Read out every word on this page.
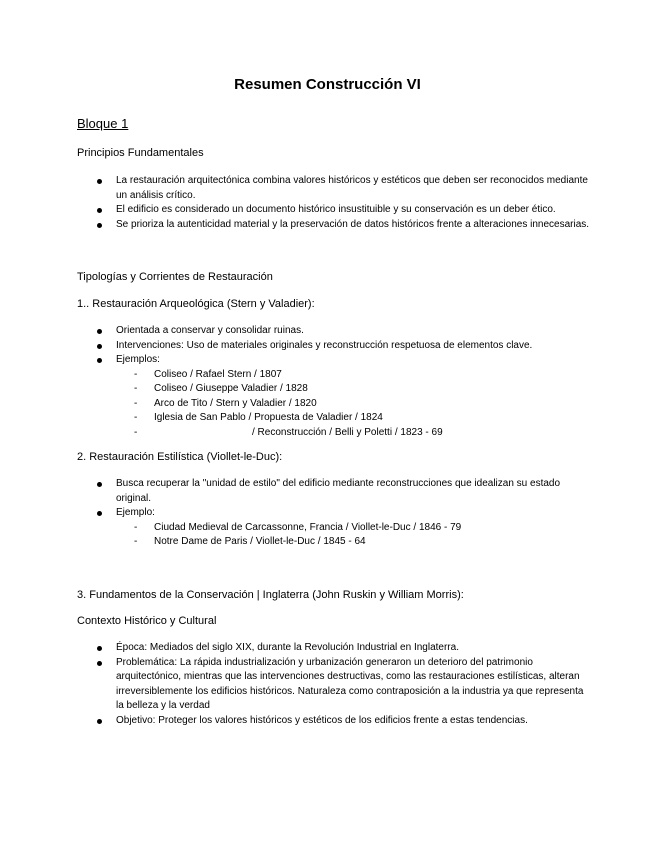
Resumen Construcción VI

Bloque 1

Principios Fundamentales

La restauración arquitectónica combina valores históricos y estéticos que deben ser reconocidos mediante un análisis crítico.
El edificio es considerado un documento histórico insustituible y su conservación es un deber ético.
Se prioriza la autenticidad material y la preservación de datos históricos frente a alteraciones innecesarias.

Tipologías y Corrientes de Restauración

1.. Restauración Arqueológica (Stern y Valadier):

Orientada a conservar y consolidar ruinas.
Intervenciones: Uso de materiales originales y reconstrucción respetuosa de elementos clave.
Ejemplos:
- Coliseo / Rafael Stern / 1807
- Coliseo / Giuseppe Valadier / 1828
- Arco de Tito / Stern y Valadier / 1820
- Iglesia de San Pablo / Propuesta de Valadier / 1824
-	/ Reconstrucción / Belli y Poletti / 1823 - 69

2. Restauración Estilística (Viollet-le-Duc):

Busca recuperar la "unidad de estilo" del edificio mediante reconstrucciones que idealizan su estado original.
Ejemplo:
- Ciudad Medieval de Carcassonne, Francia / Viollet-le-Duc / 1846 - 79
- Notre Dame de Paris / Viollet-le-Duc / 1845 - 64

3. Fundamentos de la Conservación | Inglaterra (John Ruskin y William Morris):

Contexto Histórico y Cultural

Época: Mediados del siglo XIX, durante la Revolución Industrial en Inglaterra.
Problemática: La rápida industrialización y urbanización generaron un deterioro del patrimonio arquitectónico, mientras que las intervenciones destructivas, como las restauraciones estilísticas, alteran irreversiblemente los edificios históricos. Naturaleza como contraposición a la industria ya que representa la belleza y la verdad
Objetivo: Proteger los valores históricos y estéticos de los edificios frente a estas tendencias.
